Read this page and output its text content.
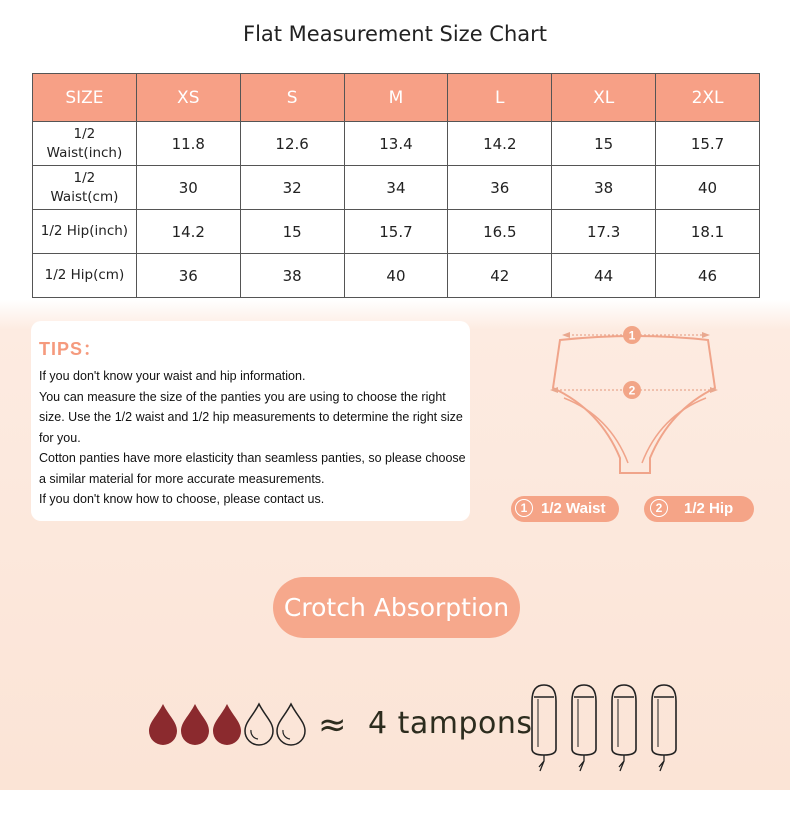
Flat Measurement Size Chart
SIZE	XS	S	M	L	XL	2XL
1/2
Waist(inch)	11.8	12.6	13.4	14.2	15	15.7
1/2
Waist(cm)	30	32	34	36	38	40
1/2 Hip(inch)	14.2	15	15.7	16.5	17.3	18.1
1/2 Hip(cm)	36	38	40	42	44	46
TIPS：

If you don't know your waist and hip information.

You can measure the size of the panties you are using to choose the right size. Use the 1/2 waist and 1/2 hip measurements to determine the right size for you.

Cotton panties have more elasticity than seamless panties, so please choose a similar material for more accurate measurements.

If you don't know how to choose, please contact us.

1
2
1 1/2 Waist	2	1/2 Hip
Crotch Absorption
≈ 4 tampons
